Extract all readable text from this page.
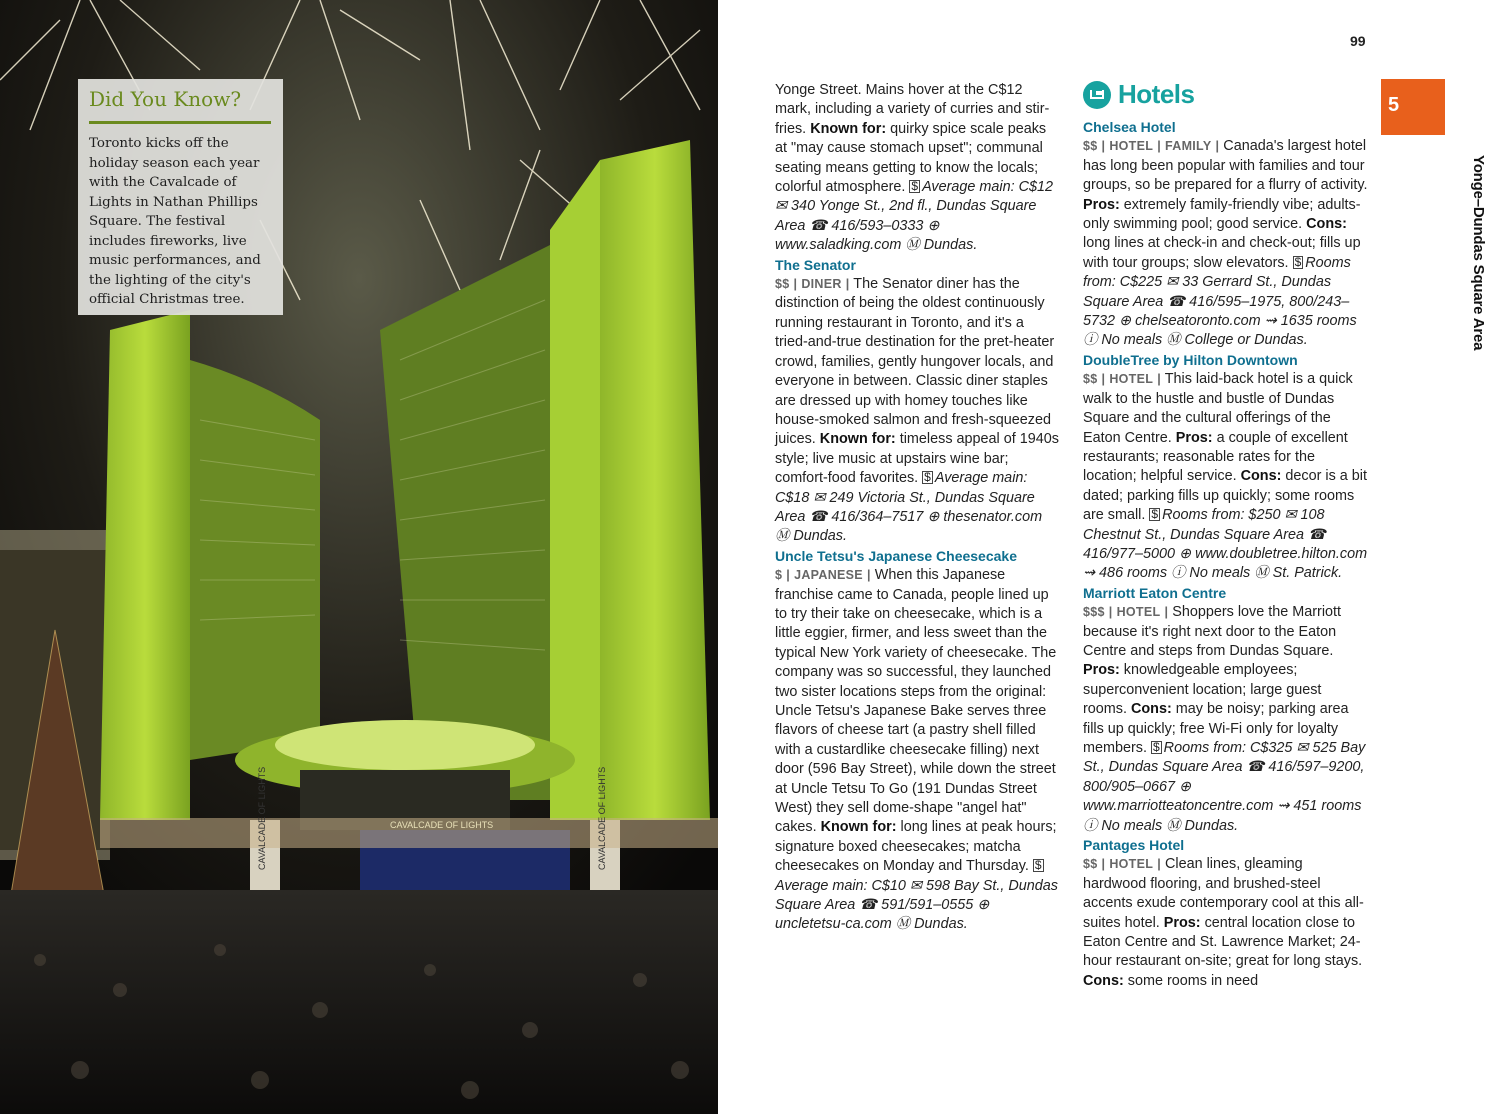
CAVALCADE OF LIGHTS	CAVALCADE OF LIGHTS
CAVALCADE OF LIGHTS
Did You Know?
Toronto kicks off the holiday season each year with the Cavalcade of Lights in Nathan Phillips Square. The festival includes fireworks, live music performances, and the lighting of the city's official Christmas tree.
99
5
Yonge–Dundas Square Area

Yonge Street. Mains hover at the C$12 mark, including a variety of curries and stir-fries. Known for: quirky spice scale peaks at "may cause stomach upset"; communal seating means getting to know the locals; colorful atmosphere. $ Average main: C$12 ✉ 340 Yonge St., 2nd fl., Dundas Square Area ☎ 416/593–0333 ⊕ www.saladking.com Ⓜ Dundas.

The Senator

$$ | DINER | The Senator diner has the distinction of being the oldest continuously running restaurant in Toronto, and it's a tried-and-true destination for the pret-heater crowd, families, gently hungover locals, and everyone in between. Classic diner staples are dressed up with homey touches like house-smoked salmon and fresh-squeezed juices. Known for: timeless appeal of 1940s style; live music at upstairs wine bar; comfort-food favorites. $ Average main: C$18 ✉ 249 Victoria St., Dundas Square Area ☎ 416/364–7517 ⊕ thesenator.com Ⓜ Dundas.

Uncle Tetsu's Japanese Cheesecake

$ | JAPANESE | When this Japanese franchise came to Canada, people lined up to try their take on cheesecake, which is a little eggier, firmer, and less sweet than the typical New York variety of cheesecake. The company was so successful, they launched two sister locations steps from the original: Uncle Tetsu's Japanese Bake serves three flavors of cheese tart (a pastry shell filled with a custardlike cheesecake filling) next door (596 Bay Street), while down the street at Uncle Tetsu To Go (191 Dundas Street West) they sell dome-shape "angel hat" cakes. Known for: long lines at peak hours; signature boxed cheesecakes; matcha cheesecakes on Monday and Thursday. $Average main: C$10 ✉ 598 Bay St., Dundas Square Area ☎ 591/591–0555 ⊕ uncletetsu-ca.com Ⓜ Dundas.

Hotels

Chelsea Hotel

$$ | HOTEL | FAMILY | Canada's largest hotel has long been popular with families and tour groups, so be prepared for a flurry of activity. Pros: extremely family-friendly vibe; adults-only swimming pool; good service. Cons: long lines at check-in and check-out; fills up with tour groups; slow elevators. $ Rooms from: C$225 ✉ 33 Gerrard St., Dundas Square Area ☎ 416/595–1975, 800/243–5732 ⊕ chelseatoronto.com ⇝ 1635 rooms ⓘ No meals Ⓜ College or Dundas.

DoubleTree by Hilton Downtown

$$ | HOTEL | This laid-back hotel is a quick walk to the hustle and bustle of Dundas Square and the cultural offerings of the Eaton Centre. Pros: a couple of excellent restaurants; reasonable rates for the location; helpful service. Cons: decor is a bit dated; parking fills up quickly; some rooms are small. $ Rooms from: $250 ✉ 108 Chestnut St., Dundas Square Area ☎ 416/977–5000 ⊕ www.doubletree.hilton.com ⇝ 486 rooms ⓘ No meals Ⓜ St. Patrick.

Marriott Eaton Centre

$$$ | HOTEL | Shoppers love the Marriott because it's right next door to the Eaton Centre and steps from Dundas Square. Pros: knowledgeable employees; superconvenient location; large guest rooms. Cons: may be noisy; parking area fills up quickly; free Wi-Fi only for loyalty members. $ Rooms from: C$325 ✉ 525 Bay St., Dundas Square Area ☎ 416/597–9200, 800/905–0667 ⊕ www.marriotteatoncentre.com ⇝ 451 rooms ⓘ No meals Ⓜ Dundas.

Pantages Hotel

$$ | HOTEL | Clean lines, gleaming hardwood flooring, and brushed-steel accents exude contemporary cool at this all-suites hotel. Pros: central location close to Eaton Centre and St. Lawrence Market; 24-hour restaurant on-site; great for long stays. Cons: some rooms in need
